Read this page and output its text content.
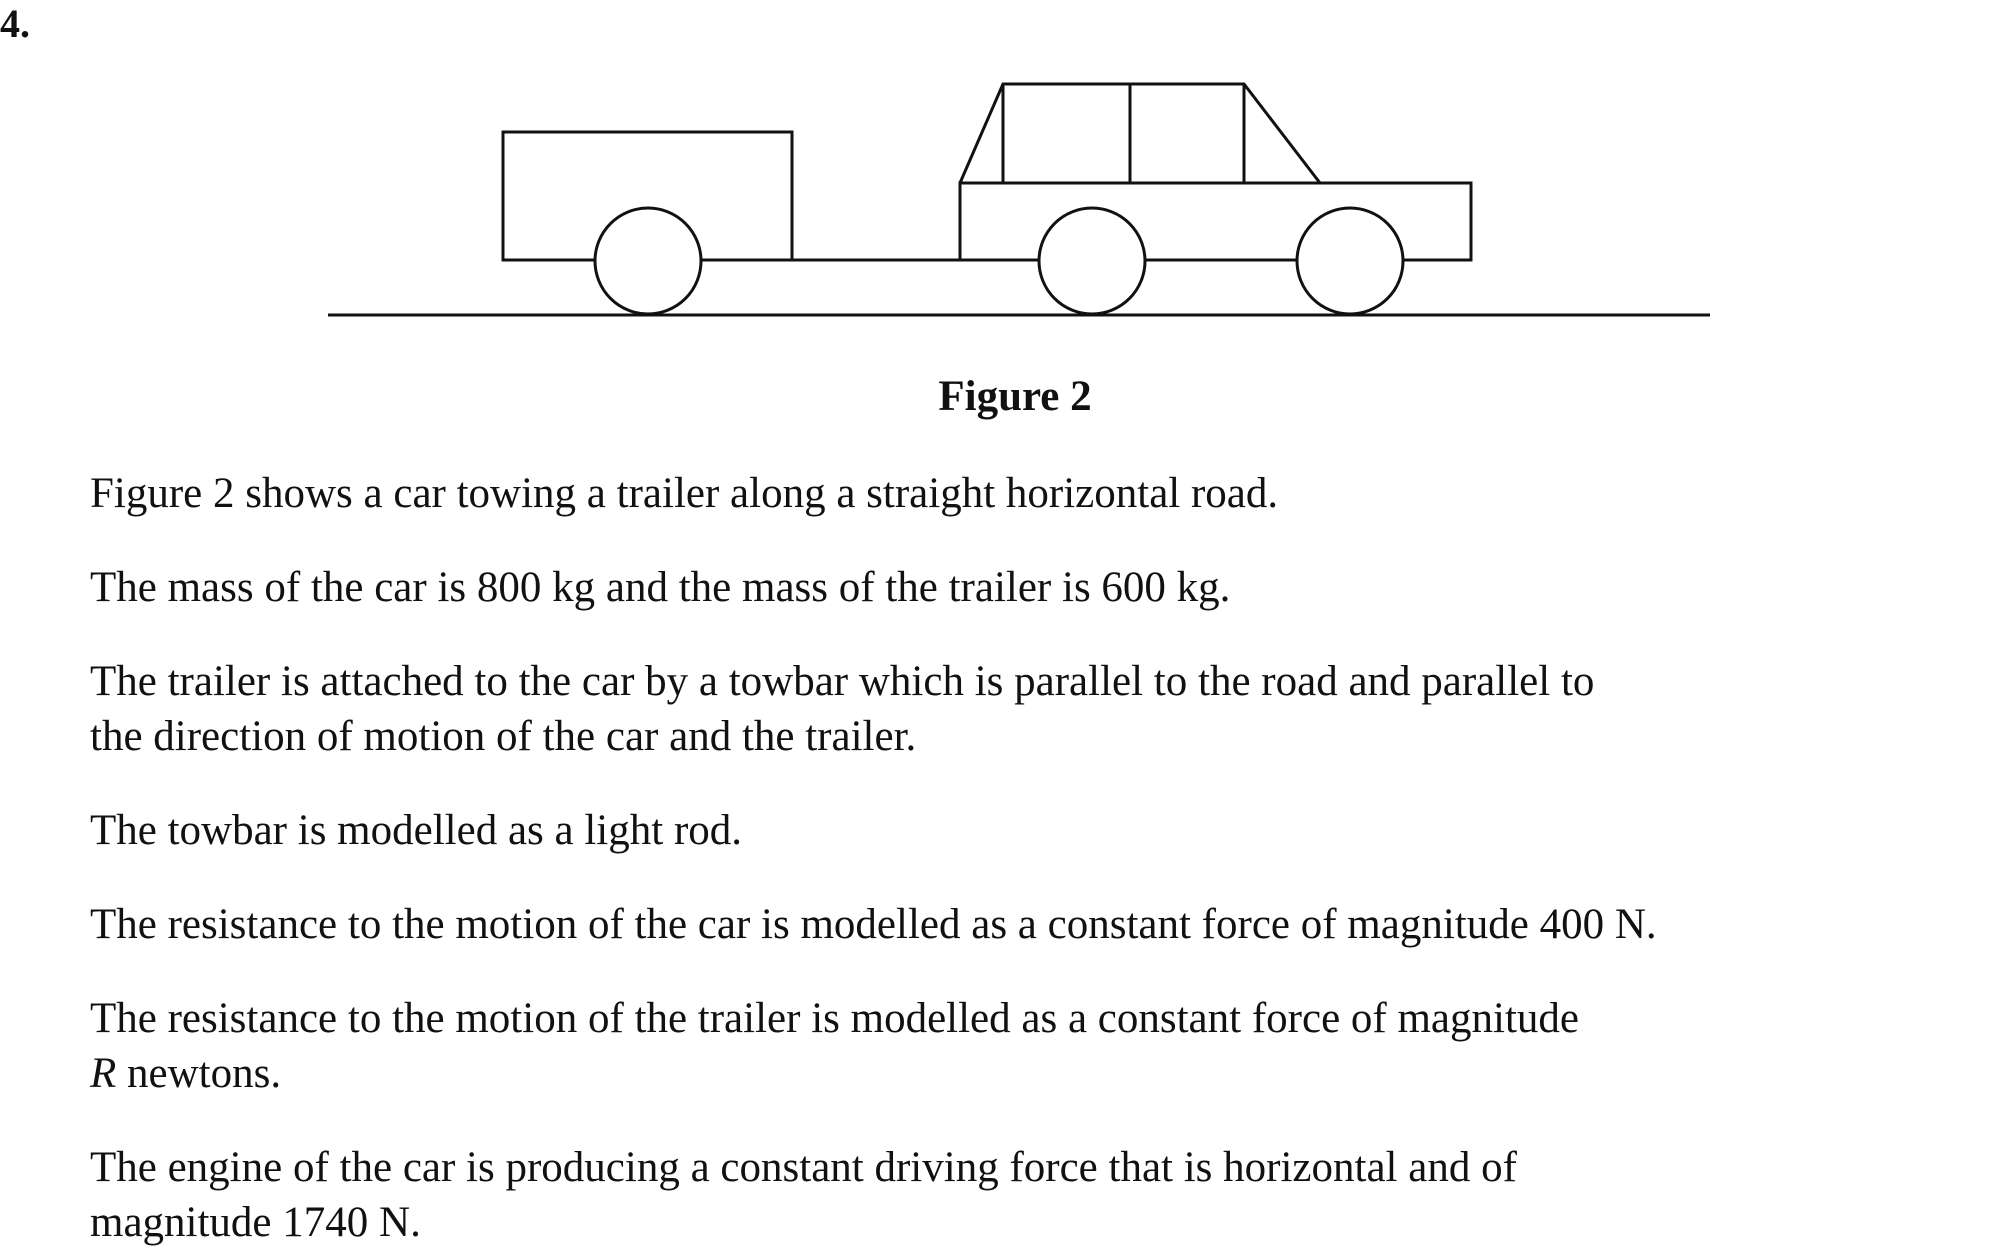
4.
Figure 2

Figure 2 shows a car towing a trailer along a straight horizontal road.

The mass of the car is 800 kg and the mass of the trailer is 600 kg.

The trailer is attached to the car by a towbar which is parallel to the road and parallel to
the direction of motion of the car and the trailer.

The towbar is modelled as a light rod.

The resistance to the motion of the car is modelled as a constant force of magnitude 400 N.

The resistance to the motion of the trailer is modelled as a constant force of magnitude
R newtons.

The engine of the car is producing a constant driving force that is horizontal and of
magnitude 1740 N.
